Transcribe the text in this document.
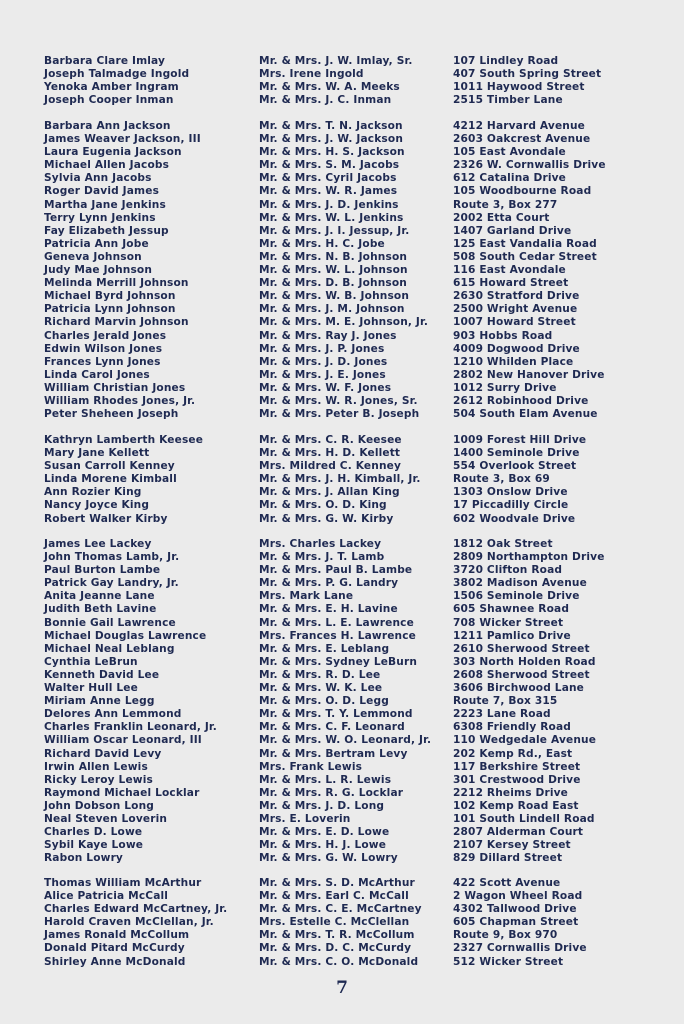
Barbara Clare Imlay	Mr. & Mrs. J. W. Imlay, Sr.	107 Lindley Road
Joseph Talmadge Ingold	Mrs. Irene Ingold	407 South Spring Street
Yenoka Amber Ingram	Mr. & Mrs. W. A. Meeks	1011 Haywood Street
Joseph Cooper Inman	Mr. & Mrs. J. C. Inman	2515 Timber Lane
Barbara Ann Jackson	Mr. & Mrs. T. N. Jackson	4212 Harvard Avenue
James Weaver Jackson, III	Mr. & Mrs. J. W. Jackson	2603 Oakcrest Avenue
Laura Eugenia Jackson	Mr. & Mrs. H. S. Jackson	105 East Avondale
Michael Allen Jacobs	Mr. & Mrs. S. M. Jacobs	2326 W. Cornwallis Drive
Sylvia Ann Jacobs	Mr. & Mrs. Cyril Jacobs	612 Catalina Drive
Roger David James	Mr. & Mrs. W. R. James	105 Woodbourne Road
Martha Jane Jenkins	Mr. & Mrs. J. D. Jenkins	Route 3, Box 277
Terry Lynn Jenkins	Mr. & Mrs. W. L. Jenkins	2002 Etta Court
Fay Elizabeth Jessup	Mr. & Mrs. J. I. Jessup, Jr.	1407 Garland Drive
Patricia Ann Jobe	Mr. & Mrs. H. C. Jobe	125 East Vandalia Road
Geneva Johnson	Mr. & Mrs. N. B. Johnson	508 South Cedar Street
Judy Mae Johnson	Mr. & Mrs. W. L. Johnson	116 East Avondale
Melinda Merrill Johnson	Mr. & Mrs. D. B. Johnson	615 Howard Street
Michael Byrd Johnson	Mr. & Mrs. W. B. Johnson	2630 Stratford Drive
Patricia Lynn Johnson	Mr. & Mrs. J. M. Johnson	2500 Wright Avenue
Richard Marvin Johnson	Mr. & Mrs. M. E. Johnson, Jr. 1007 Howard Street
Charles Jerald Jones	Mr. & Mrs. Ray J. Jones	903 Hobbs Road
Edwin Wilson Jones	Mr. & Mrs. J. P. Jones	4009 Dogwood Drive
Frances Lynn Jones	Mr. & Mrs. J. D. Jones	1210 Whilden Place
Linda Carol Jones	Mr. & Mrs. J. E. Jones	2802 New Hanover Drive
William Christian Jones	Mr. & Mrs. W. F. Jones	1012 Surry Drive
William Rhodes Jones, Jr.	Mr. & Mrs. W. R. Jones, Sr.	2612 Robinhood Drive
Peter Sheheen Joseph	Mr. & Mrs. Peter B. Joseph	504 South Elam Avenue
Kathryn Lamberth Keesee	Mr. & Mrs. C. R. Keesee	1009 Forest Hill Drive
Mary Jane Kellett	Mr. & Mrs. H. D. Kellett	1400 Seminole Drive
Susan Carroll Kenney	Mrs. Mildred C. Kenney	554 Overlook Street
Linda Morene Kimball	Mr. & Mrs. J. H. Kimball, Jr.	Route 3, Box 69
Ann Rozier King	Mr. & Mrs. J. Allan King	1303 Onslow Drive
Nancy Joyce King	Mr. & Mrs. O. D. King	17 Piccadilly Circle
Robert Walker Kirby	Mr. & Mrs. G. W. Kirby	602 Woodvale Drive
James Lee Lackey	Mrs. Charles Lackey	1812 Oak Street
John Thomas Lamb, Jr.	Mr. & Mrs. J. T. Lamb	2809 Northampton Drive
Paul Burton Lambe	Mr. & Mrs. Paul B. Lambe	3720 Clifton Road
Patrick Gay Landry, Jr.	Mr. & Mrs. P. G. Landry	3802 Madison Avenue
Anita Jeanne Lane	Mrs. Mark Lane	1506 Seminole Drive
Judith Beth Lavine	Mr. & Mrs. E. H. Lavine	605 Shawnee Road
Bonnie Gail Lawrence	Mr. & Mrs. L. E. Lawrence	708 Wicker Street
Michael Douglas Lawrence	Mrs. Frances H. Lawrence	1211 Pamlico Drive
Michael Neal Leblang	Mr. & Mrs. E. Leblang	2610 Sherwood Street
Cynthia LeBrun	Mr. & Mrs. Sydney LeBurn	303 North Holden Road
Kenneth David Lee	Mr. & Mrs. R. D. Lee	2608 Sherwood Street
Walter Hull Lee	Mr. & Mrs. W. K. Lee	3606 Birchwood Lane
Miriam Anne Legg	Mr. & Mrs. O. D. Legg	Route 7, Box 315
Delores Ann Lemmond	Mr. & Mrs. T. Y. Lemmond	2223 Lane Road
Charles Franklin Leonard, Jr.	Mr. & Mrs. C. F. Leonard	6308 Friendly Road
William Oscar Leonard, III	Mr. & Mrs. W. O. Leonard, Jr. 110 Wedgedale Avenue
Richard David Levy	Mr. & Mrs. Bertram Levy	202 Kemp Rd., East
Irwin Allen Lewis	Mrs. Frank Lewis	117 Berkshire Street
Ricky Leroy Lewis	Mr. & Mrs. L. R. Lewis	301 Crestwood Drive
Raymond Michael Locklar	Mr. & Mrs. R. G. Locklar	2212 Rheims Drive
John Dobson Long	Mr. & Mrs. J. D. Long	102 Kemp Road East
Neal Steven Loverin	Mrs. E. Loverin	101 South Lindell Road
Charles D. Lowe	Mr. & Mrs. E. D. Lowe	2807 Alderman Court
Sybil Kaye Lowe	Mr. & Mrs. H. J. Lowe	2107 Kersey Street
Rabon Lowry	Mr. & Mrs. G. W. Lowry	829 Dillard Street
Thomas William McArthur	Mr. & Mrs. S. D. McArthur	422 Scott Avenue
Alice Patricia McCall	Mr. & Mrs. Earl C. McCall	2 Wagon Wheel Road
Charles Edward McCartney, Jr.	Mr. & Mrs. C. E. McCartney	4302 Tallwood Drive
Harold Craven McClellan, Jr.	Mrs. Estelle C. McClellan	605 Chapman Street
James Ronald McCollum	Mr. & Mrs. T. R. McCollum	Route 9, Box 970
Donald Pitard McCurdy	Mr. & Mrs. D. C. McCurdy	2327 Cornwallis Drive
Shirley Anne McDonald	Mr. & Mrs. C. O. McDonald	512 Wicker Street
7
